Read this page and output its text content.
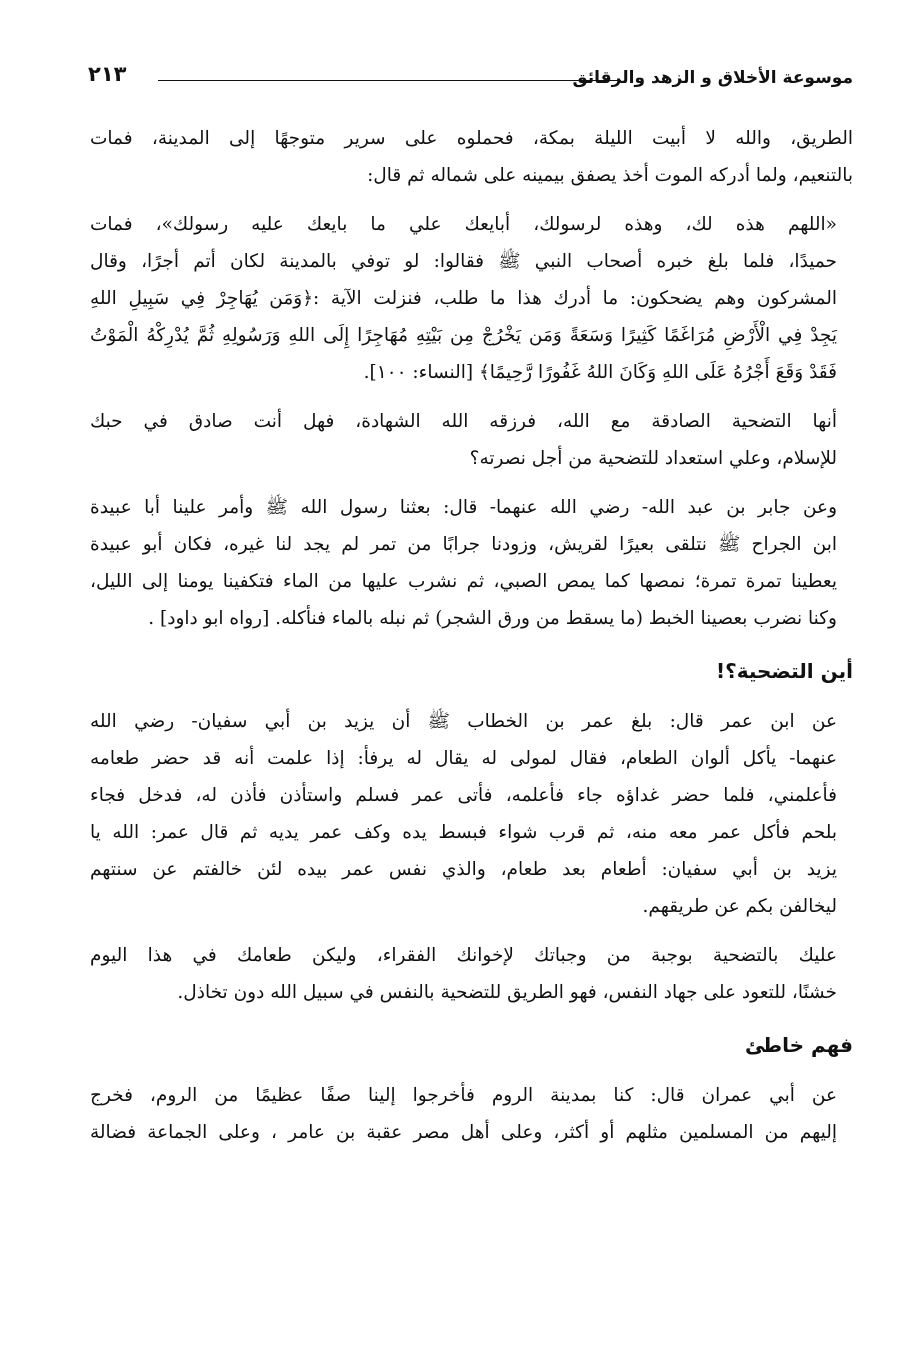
موسوعة الأخلاق و الزهد والرقائق
٢١٣
الطريق، والله لا أبيت الليلة بمكة، فحملوه على سرير متوجهًا إلى المدينة، فمات
بالتنعيم، ولما أدركه الموت أخذ يصفق بيمينه على شماله ثم قال:
«اللهم هذه لك، وهذه لرسولك، أبايعك علي ما بايعك عليه رسولك»، فمات
حميدًا، فلما بلغ خبره أصحاب النبي ﷺ فقالوا: لو توفي بالمدينة لكان أتم أجرًا، وقال
المشركون وهم يضحكون: ما أدرك هذا ما طلب، فنزلت الآية :﴿وَمَن يُهَاجِرْ فِي سَبِيلِ اللهِ
يَجِدْ فِي الْأَرْضِ مُرَاغَمًا كَثِيرًا وَسَعَةً وَمَن يَخْرُجْ مِن بَيْتِهِ مُهَاجِرًا إِلَى اللهِ وَرَسُولِهِ ثُمَّ يُدْرِكْهُ الْمَوْتُ
فَقَدْ وَقَعَ أَجْرُهُ عَلَى اللهِ وَكَانَ اللهُ غَفُورًا رَّحِيمًا﴾ [النساء: ١٠٠].
أنها التضحية الصادقة مع الله، فرزقه الله الشهادة، فهل أنت صادق في حبك
للإسلام، وعلي استعداد للتضحية من أجل نصرته؟
وعن جابر بن عبد الله- رضي الله عنهما- قال: بعثنا رسول الله ﷺ وأمر علينا أبا عبيدة
ابن الجراح ﷺ نتلقى بعيرًا لقريش، وزودنا جرابًا من تمر لم يجد لنا غيره، فكان أبو عبيدة
يعطينا تمرة تمرة؛ نمصها كما يمص الصبي، ثم نشرب عليها من الماء فتكفينا يومنا إلى الليل،
وكنا نضرب بعصينا الخبط (ما يسقط من ورق الشجر) ثم نبله بالماء فنأكله. [رواه ابو داود] .
أين التضحية؟!
عن ابن عمر قال: بلغ عمر بن الخطاب ﷺ أن يزيد بن أبي سفيان- رضي الله
عنهما- يأكل ألوان الطعام، فقال لمولى له يقال له يرفأ: إذا علمت أنه قد حضر طعامه
فأعلمني، فلما حضر غداؤه جاء فأعلمه، فأتى عمر فسلم واستأذن فأذن له، فدخل فجاء
بلحم فأكل عمر معه منه، ثم قرب شواء فبسط يده وكف عمر يديه ثم قال عمر: الله يا
يزيد بن أبي سفيان: أطعام بعد طعام، والذي نفس عمر بيده لئن خالفتم عن سنتهم
ليخالفن بكم عن طريقهم.
عليك بالتضحية بوجبة من وجباتك لإخوانك الفقراء، وليكن طعامك في هذا اليوم
خشنًا، للتعود على جهاد النفس، فهو الطريق للتضحية بالنفس في سبيل الله دون تخاذل.
فهم خاطئ
عن أبي عمران قال: كنا بمدينة الروم فأخرجوا إلينا صفًا عظيمًا من الروم، فخرج
إليهم من المسلمين مثلهم أو أكثر، وعلى أهل مصر عقبة بن عامر ، وعلى الجماعة فضالة
